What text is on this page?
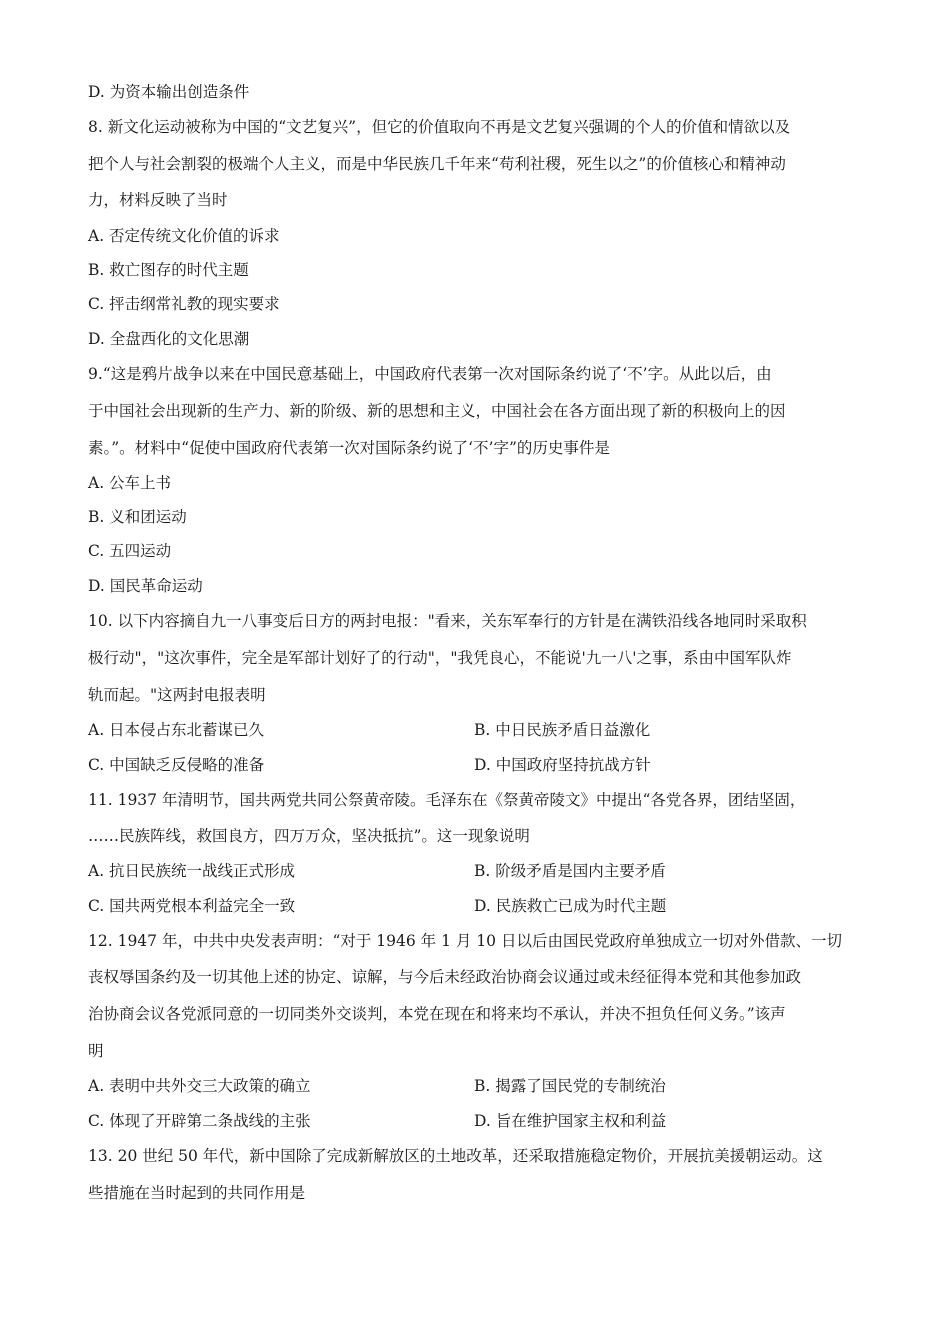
D. 为资本输出创造条件
8. 新文化运动被称为中国的“文艺复兴”，但它的价值取向不再是文艺复兴强调的个人的价值和情欲以及
把个人与社会割裂的极端个人主义，而是中华民族几千年来“苟利社稷，死生以之”的价值核心和精神动
力，材料反映了当时
A. 否定传统文化价值的诉求
B. 救亡图存的时代主题
C. 抨击纲常礼教的现实要求
D. 全盘西化的文化思潮
9.“这是鸦片战争以来在中国民意基础上，中国政府代表第一次对国际条约说了‘不’字。从此以后，由
于中国社会出现新的生产力、新的阶级、新的思想和主义，中国社会在各方面出现了新的积极向上的因
素。”。材料中“促使中国政府代表第一次对国际条约说了‘不’字”的历史事件是
A. 公车上书
B. 义和团运动
C. 五四运动
D. 国民革命运动
10. 以下内容摘自九一八事变后日方的两封电报："看来，关东军奉行的方针是在满铁沿线各地同时采取积
极行动"，"这次事件，完全是军部计划好了的行动"，"我凭良心，不能说'九一八'之事，系由中国军队炸
轨而起。"这两封电报表明
A. 日本侵占东北蓄谋已久	B. 中日民族矛盾日益激化
C. 中国缺乏反侵略的准备	D. 中国政府坚持抗战方针
11. 1937 年清明节，国共两党共同公祭黄帝陵。毛泽东在《祭黄帝陵文》中提出“各党各界，团结坚固，
……民族阵线，救国良方，四万万众，坚决抵抗”。这一现象说明
A. 抗日民族统一战线正式形成	B. 阶级矛盾是国内主要矛盾
C. 国共两党根本利益完全一致	D. 民族救亡已成为时代主题
12. 1947 年，中共中央发表声明：“对于 1946 年 1 月 10 日以后由国民党政府单独成立一切对外借款、一切
丧权辱国条约及一切其他上述的协定、谅解，与今后未经政治协商会议通过或未经征得本党和其他参加政
治协商会议各党派同意的一切同类外交谈判，本党在现在和将来均不承认，并决不担负任何义务。”该声
明
A. 表明中共外交三大政策的确立	B. 揭露了国民党的专制统治
C. 体现了开辟第二条战线的主张	D. 旨在维护国家主权和利益
13. 20 世纪 50 年代，新中国除了完成新解放区的土地改革，还采取措施稳定物价，开展抗美援朝运动。这
些措施在当时起到的共同作用是
